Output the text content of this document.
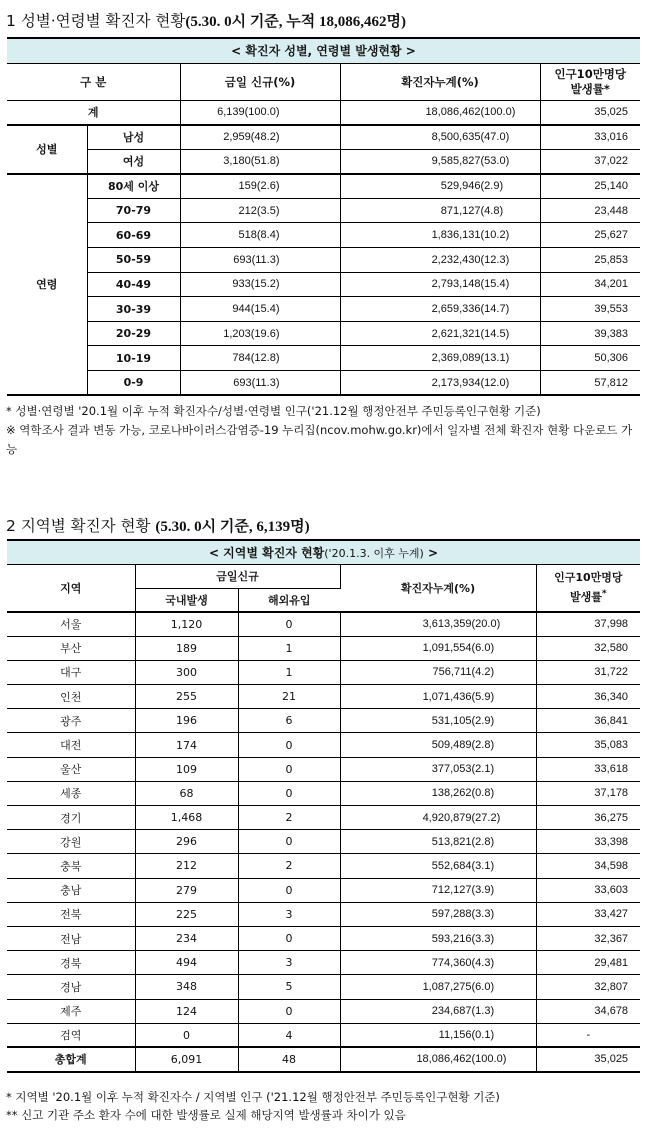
1 성별·연령별 확진자 현황(5.30. 0시 기준, 누적 18,086,462명)
< 확진자 성별, 연령별 발생현황 >				
구 분		금일 신규(%)	확진자누계(%)	인구10만명당
발생률*

계		6,139(100.0)	18,086,462 (100.0)	35,025
성별	남성	2,959(48.2)	8,500,635 (47.0)	33,016
	여성	3,180(51.8)	9,585,827 (53.0)	37,022
연령	80세 이상	159(2.6)	529,946 (2.9)	25,140
	70-79	212(3.5)	871,127 (4.8)	23,448
	60-69	518(8.4)	1,836,131 (10.2)	25,627
	50-59	693(11.3)	2,232,430 (12.3)	25,853
	40-49	933(15.2)	2,793,148 (15.4)	34,201
	30-39	944(15.4)	2,659,336 (14.7)	39,553
	20-29	1,203(19.6)	2,621,321 (14.5)	39,383
	10-19	784(12.8)	2,369,089 (13.1)	50,306
	0-9	693(11.3)	2,173,934 (12.0)	57,812
* 성별·연령별 '20.1월 이후 누적 확진자수/성별·연령별 인구('21.12월 행정안전부 주민등록인구현황 기준)
※ 역학조사 결과 변동 가능, 코로나바이러스감염증-19 누리집(ncov.mohw.go.kr)에서 일자별 전체 확진자 현황 다운로드 가능
2 지역별 확진자 현황 (5.30. 0시 기준, 6,139명)
< 지역별 확진자 현황('20.1.3. 이후 누계) >				
지역	금일신규		확진자누계(%)	인구10만명당
발생률*

	국내발생	해외유입		
서울	1,120	0	3,613,359 (20.0)	37,998
부산	189	1	1,091,554 (6.0)	32,580
대구	300	1	756,711 (4.2)	31,722
인천	255	21	1,071,436 (5.9)	36,340
광주	196	6	531,105 (2.9)	36,841
대전	174	0	509,489 (2.8)	35,083
울산	109	0	377,053 (2.1)	33,618
세종	68	0	138,262 (0.8)	37,178
경기	1,468	2	4,920,879 (27.2)	36,275
강원	296	0	513,821 (2.8)	33,398
충북	212	2	552,684 (3.1)	34,598
충남	279	0	712,127 (3.9)	33,603
전북	225	3	597,288 (3.3)	33,427
전남	234	0	593,216 (3.3)	32,367
경북	494	3	774,360 (4.3)	29,481
경남	348	5	1,087,275 (6.0)	32,807
제주	124	0	234,687 (1.3)	34,678
검역	0	4	11,156 (0.1)	-
총합계	6,091	48	18,086,462 (100.0)	35,025
* 지역별 '20.1월 이후 누적 확진자수 / 지역별 인구 ('21.12월 행정안전부 주민등록인구현황 기준)
** 신고 기관 주소 환자 수에 대한 발생률로 실제 해당지역 발생률과 차이가 있음
